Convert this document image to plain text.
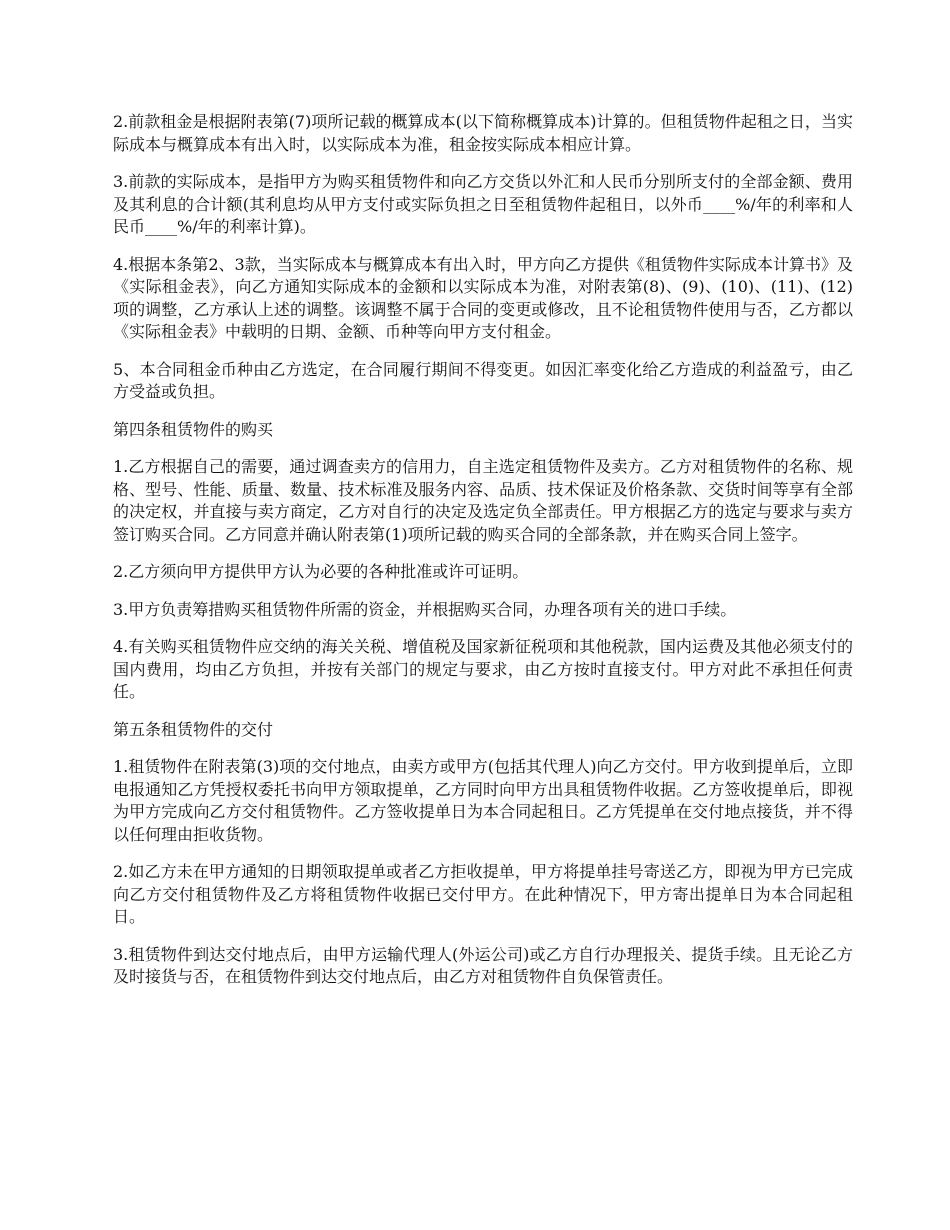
2.前款租金是根据附表第(7)项所记载的概算成本(以下简称概算成本)计算的。但租赁物件起租之日，当实际成本与概算成本有出入时，以实际成本为准，租金按实际成本相应计算。

3.前款的实际成本，是指甲方为购买租赁物件和向乙方交货以外汇和人民币分别所支付的全部金额、费用及其利息的合计额(其利息均从甲方支付或实际负担之日至租赁物件起租日，以外币____%/年的利率和人民币____%/年的利率计算)。

4.根据本条第2、3款，当实际成本与概算成本有出入时，甲方向乙方提供《租赁物件实际成本计算书》及《实际租金表》，向乙方通知实际成本的金额和以实际成本为准，对附表第(8)、(9)、(10)、(11)、(12)项的调整，乙方承认上述的调整。该调整不属于合同的变更或修改，且不论租赁物件使用与否，乙方都以《实际租金表》中载明的日期、金额、币种等向甲方支付租金。

5、本合同租金币种由乙方选定，在合同履行期间不得变更。如因汇率变化给乙方造成的利益盈亏，由乙方受益或负担。

第四条租赁物件的购买

1.乙方根据自己的需要，通过调查卖方的信用力，自主选定租赁物件及卖方。乙方对租赁物件的名称、规格、型号、性能、质量、数量、技术标准及服务内容、品质、技术保证及价格条款、交货时间等享有全部的决定权，并直接与卖方商定，乙方对自行的决定及选定负全部责任。甲方根据乙方的选定与要求与卖方签订购买合同。乙方同意并确认附表第(1)项所记载的购买合同的全部条款，并在购买合同上签字。

2.乙方须向甲方提供甲方认为必要的各种批准或许可证明。

3.甲方负责筹措购买租赁物件所需的资金，并根据购买合同，办理各项有关的进口手续。

4.有关购买租赁物件应交纳的海关关税、增值税及国家新征税项和其他税款，国内运费及其他必须支付的国内费用，均由乙方负担，并按有关部门的规定与要求，由乙方按时直接支付。甲方对此不承担任何责任。

第五条租赁物件的交付

1.租赁物件在附表第(3)项的交付地点，由卖方或甲方(包括其代理人)向乙方交付。甲方收到提单后，立即电报通知乙方凭授权委托书向甲方领取提单，乙方同时向甲方出具租赁物件收据。乙方签收提单后，即视为甲方完成向乙方交付租赁物件。乙方签收提单日为本合同起租日。乙方凭提单在交付地点接货，并不得以任何理由拒收货物。

2.如乙方未在甲方通知的日期领取提单或者乙方拒收提单，甲方将提单挂号寄送乙方，即视为甲方已完成向乙方交付租赁物件及乙方将租赁物件收据已交付甲方。在此种情况下，甲方寄出提单日为本合同起租日。

3.租赁物件到达交付地点后，由甲方运输代理人(外运公司)或乙方自行办理报关、提货手续。且无论乙方及时接货与否，在租赁物件到达交付地点后，由乙方对租赁物件自负保管责任。
